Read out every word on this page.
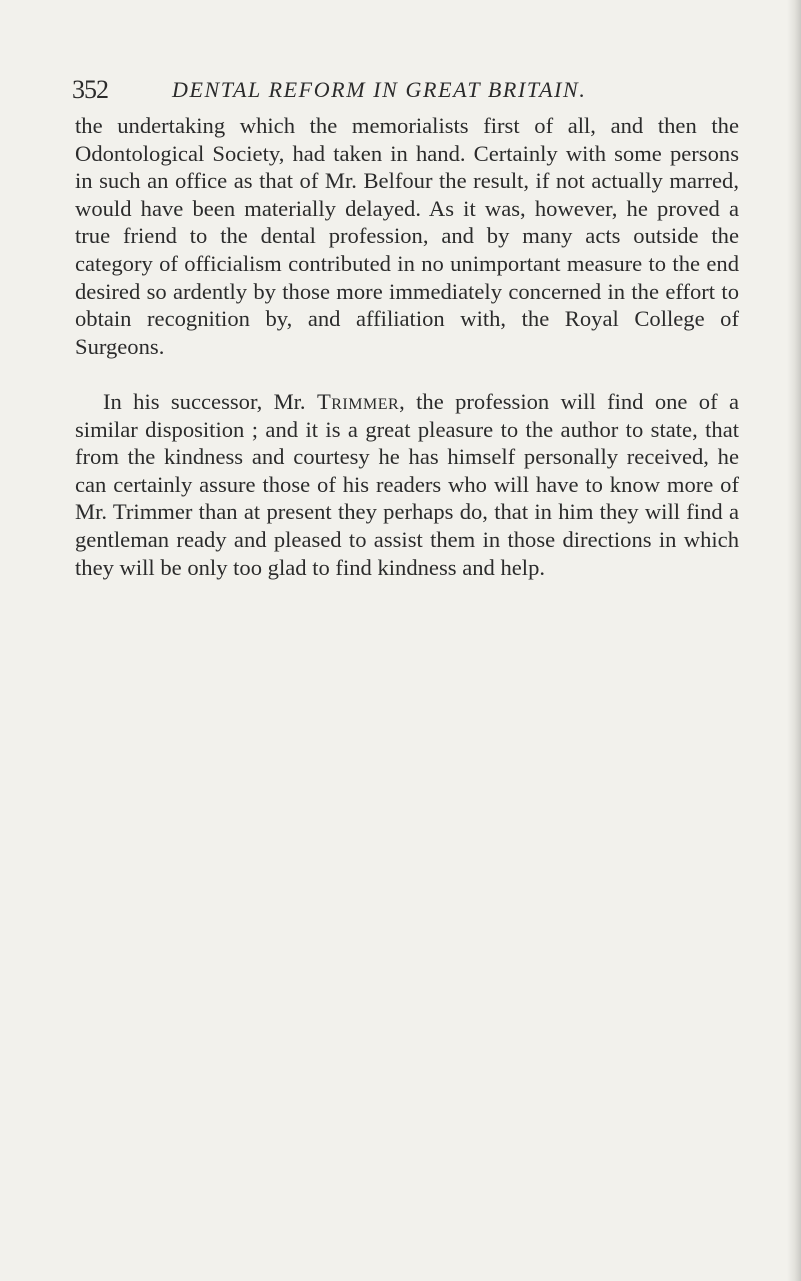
352	DENTAL REFORM IN GREAT BRITAIN.

the undertaking which the memorialists first of all, and then the Odontological Society, had taken in hand. Certainly with some persons in such an office as that of Mr. Belfour the result, if not actually marred, would have been materially delayed. As it was, however, he proved a true friend to the dental profession, and by many acts outside the category of officialism contributed in no unimportant measure to the end desired so ardently by those more immediately concerned in the effort to obtain recognition by, and affiliation with, the Royal College of Surgeons.

In his successor, Mr. Trimmer, the profession will find one of a similar disposition ; and it is a great pleasure to the author to state, that from the kindness and courtesy he has himself personally received, he can certainly assure those of his readers who will have to know more of Mr. Trimmer than at present they perhaps do, that in him they will find a gentleman ready and pleased to assist them in those directions in which they will be only too glad to find kindness and help.
